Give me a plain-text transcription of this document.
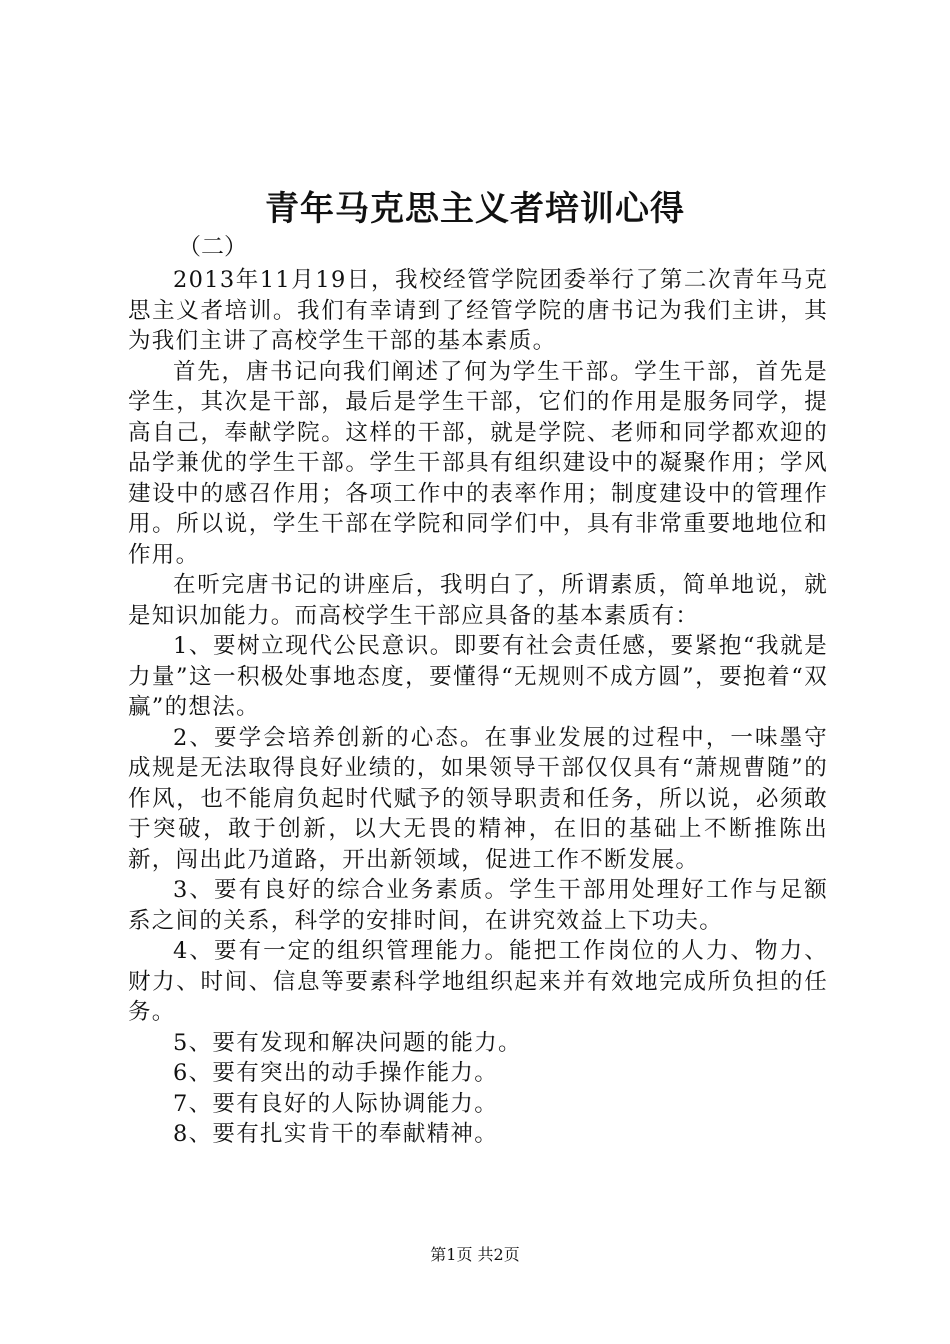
青年马克思主义者培训心得
（二）

2013年11月19日，我校经管学院团委举行了第二次青年马克思主义者培训。我们有幸请到了经管学院的唐书记为我们主讲，其为我们主讲了高校学生干部的基本素质。

首先，唐书记向我们阐述了何为学生干部。学生干部，首先是学生，其次是干部，最后是学生干部，它们的作用是服务同学，提高自己，奉献学院。这样的干部，就是学院、老师和同学都欢迎的品学兼优的学生干部。学生干部具有组织建设中的凝聚作用；学风建设中的感召作用；各项工作中的表率作用；制度建设中的管理作用。所以说，学生干部在学院和同学们中，具有非常重要地地位和作用。

在听完唐书记的讲座后，我明白了，所谓素质，简单地说，就是知识加能力。而高校学生干部应具备的基本素质有：

1、要树立现代公民意识。即要有社会责任感，要紧抱“我就是力量”这一积极处事地态度，要懂得“无规则不成方圆”，要抱着“双赢”的想法。

2、要学会培养创新的心态。在事业发展的过程中，一味墨守成规是无法取得良好业绩的，如果领导干部仅仅具有“萧规曹随”的作风，也不能肩负起时代赋予的领导职责和任务，所以说，必须敢于突破，敢于创新，以大无畏的精神，在旧的基础上不断推陈出新，闯出此乃道路，开出新领域，促进工作不断发展。

3、要有良好的综合业务素质。学生干部用处理好工作与足额系之间的关系，科学的安排时间，在讲究效益上下功夫。

4、要有一定的组织管理能力。能把工作岗位的人力、物力、财力、时间、信息等要素科学地组织起来并有效地完成所负担的任务。

5、要有发现和解决问题的能力。

6、要有突出的动手操作能力。

7、要有良好的人际协调能力。

8、要有扎实肯干的奉献精神。

第1页 共2页
